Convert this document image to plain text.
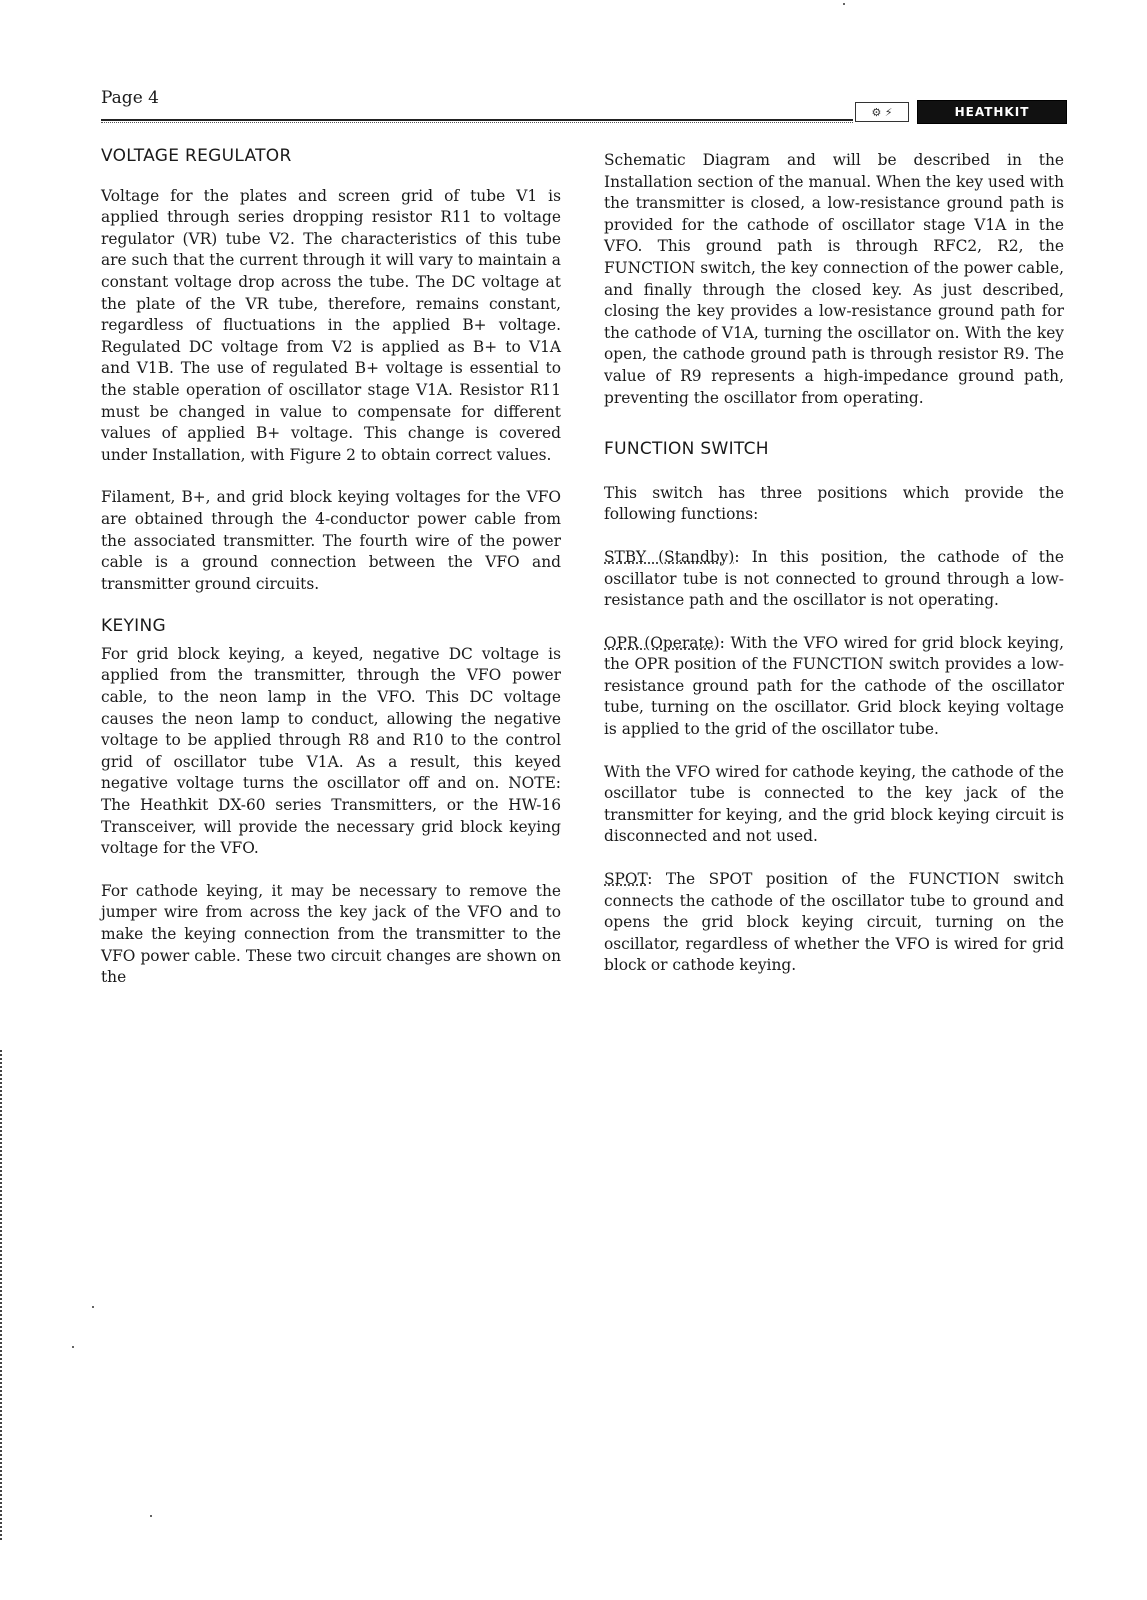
Page 4
⚙ ⚡	HEATHKIT
VOLTAGE REGULATOR

Voltage for the plates and screen grid of tube V1 is applied through series dropping resistor R11 to voltage regulator (VR) tube V2. The characteristics of this tube are such that the current through it will vary to maintain a constant voltage drop across the tube. The DC voltage at the plate of the VR tube, therefore, remains constant, regardless of fluctuations in the applied B+ voltage. Regulated DC voltage from V2 is applied as B+ to V1A and V1B. The use of regulated B+ voltage is essential to the stable operation of oscillator stage V1A. Resistor R11 must be changed in value to compensate for different values of applied B+ voltage. This change is covered under Installation, with Figure 2 to obtain correct values.

Filament, B+, and grid block keying voltages for the VFO are obtained through the 4-conductor power cable from the associated transmitter. The fourth wire of the power cable is a ground connection between the VFO and transmitter ground circuits.

KEYING

For grid block keying, a keyed, negative DC voltage is applied from the transmitter, through the VFO power cable, to the neon lamp in the VFO. This DC voltage causes the neon lamp to conduct, allowing the negative voltage to be applied through R8 and R10 to the control grid of oscillator tube V1A. As a result, this keyed negative voltage turns the oscillator off and on. NOTE: The Heathkit DX-60 series Transmitters, or the HW-16 Transceiver, will provide the necessary grid block keying voltage for the VFO.

For cathode keying, it may be necessary to remove the jumper wire from across the key jack of the VFO and to make the keying connection from the transmitter to the VFO power cable. These two circuit changes are shown on the

Schematic Diagram and will be described in the Installation section of the manual. When the key used with the transmitter is closed, a low-resistance ground path is provided for the cathode of oscillator stage V1A in the VFO. This ground path is through RFC2, R2, the FUNCTION switch, the key connection of the power cable, and finally through the closed key. As just described, closing the key provides a low-resistance ground path for the cathode of V1A, turning the oscillator on. With the key open, the cathode ground path is through resistor R9. The value of R9 represents a high-impedance ground path, preventing the oscillator from operating.

FUNCTION SWITCH

This switch has three positions which provide the following functions:

STBY (Standby): In this position, the cathode of the oscillator tube is not connected to ground through a low-resistance path and the oscillator is not operating.

OPR (Operate): With the VFO wired for grid block keying, the OPR position of the FUNCTION switch provides a low-resistance ground path for the cathode of the oscillator tube, turning on the oscillator. Grid block keying voltage is applied to the grid of the oscillator tube.

With the VFO wired for cathode keying, the cathode of the oscillator tube is connected to the key jack of the transmitter for keying, and the grid block keying circuit is disconnected and not used.

SPOT: The SPOT position of the FUNCTION switch connects the cathode of the oscillator tube to ground and opens the grid block keying circuit, turning on the oscillator, regardless of whether the VFO is wired for grid block or cathode keying.
